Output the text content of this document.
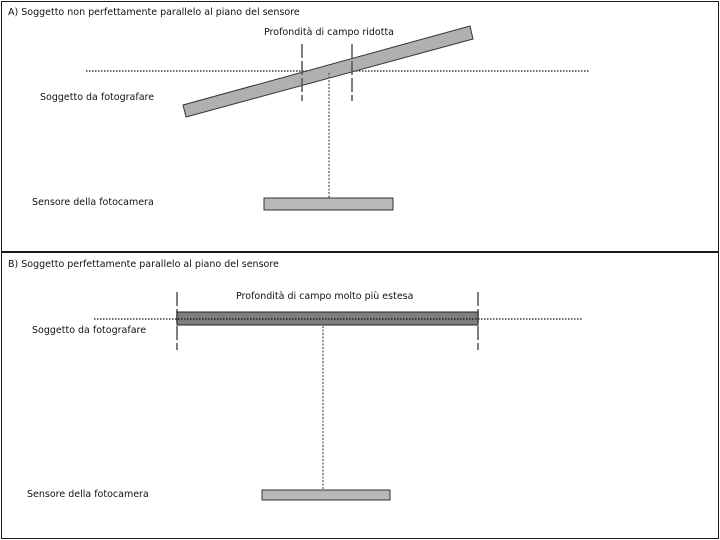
A) Soggetto non perfettamente parallelo al piano del sensore
Profondità di campo ridotta
Soggetto da fotografare
Sensore della fotocamera
B) Soggetto perfettamente parallelo al piano del sensore
Profondità di campo molto più estesa
Soggetto da fotografare
Sensore della fotocamera
